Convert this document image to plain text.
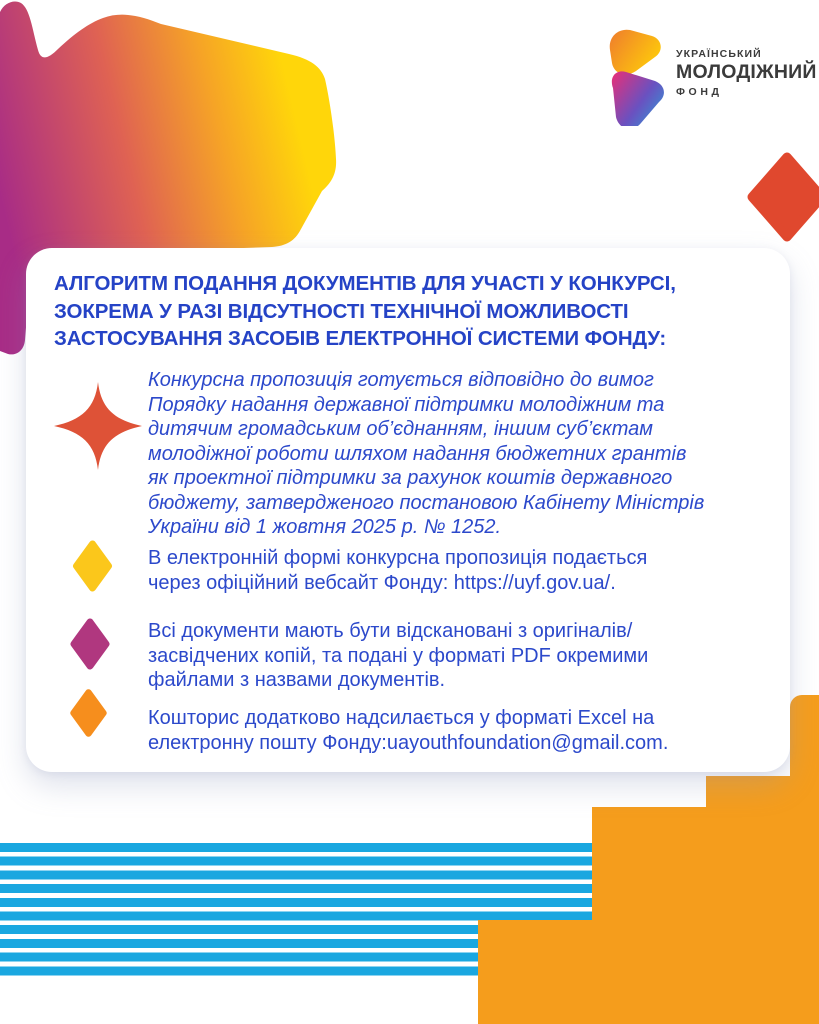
УКРАЇНСЬКИЙ
МОЛОДІЖНИЙ
ФОНД
АЛГОРИТМ ПОДАННЯ ДОКУМЕНТІВ ДЛЯ УЧАСТІ У КОНКУРСІ,
ЗОКРЕМА У РАЗІ ВІДСУТНОСТІ ТЕХНІЧНОЇ МОЖЛИВОСТІ
ЗАСТОСУВАННЯ ЗАСОБІВ ЕЛЕКТРОННОЇ СИСТЕМИ ФОНДУ:
Конкурсна пропозиція готується відповідно до вимог
Порядку надання державної підтримки молодіжним та
дитячим громадським об’єднанням, іншим суб’єктам
молодіжної роботи шляхом надання бюджетних грантів
як проектної підтримки за рахунок коштів державного
бюджету, затвердженого постановою Кабінету Міністрів
України від 1 жовтня 2025 р. № 1252.
В електронній формі конкурсна пропозиція подається
через офіційний вебсайт Фонду: https://uyf.gov.ua/.
Всі документи мають бути відскановані з оригіналів/
засвідчених копій, та подані у форматі PDF окремими
файлами з назвами документів.
Кошторис додатково надсилається у форматі Excel на
електронну пошту Фонду:uayouthfoundation@gmail.com.
